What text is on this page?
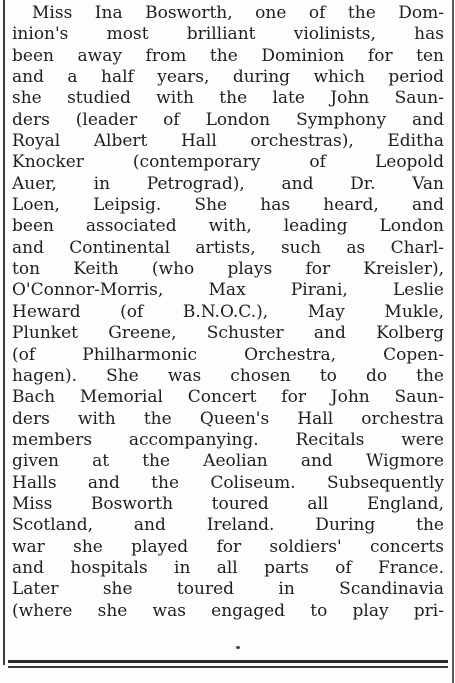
Miss Ina Bosworth, one of the Dom-
inion's most brilliant violinists, has
been away from the Dominion for ten
and a half years, during which period
she studied with the late John Saun-
ders (leader of London Symphony and
Royal Albert Hall orchestras), Editha
Knocker (contemporary of Leopold
Auer, in Petrograd), and Dr. Van
Loen, Leipsig. She has heard, and
been associated with, leading London
and Continental artists, such as Charl-
ton Keith (who plays for Kreisler),
O'Connor-Morris, Max Pirani, Leslie
Heward (of B.N.O.C.), May Mukle,
Plunket Greene, Schuster and Kolberg
(of Philharmonic Orchestra, Copen-
hagen). She was chosen to do the
Bach Memorial Concert for John Saun-
ders with the Queen's Hall orchestra
members accompanying. Recitals were
given at the Aeolian and Wigmore
Halls and the Coliseum. Subsequently
Miss Bosworth toured all England,
Scotland, and Ireland. During the
war she played for soldiers' concerts
and hospitals in all parts of France.
Later she toured in Scandinavia
(where she was engaged to play pri-
